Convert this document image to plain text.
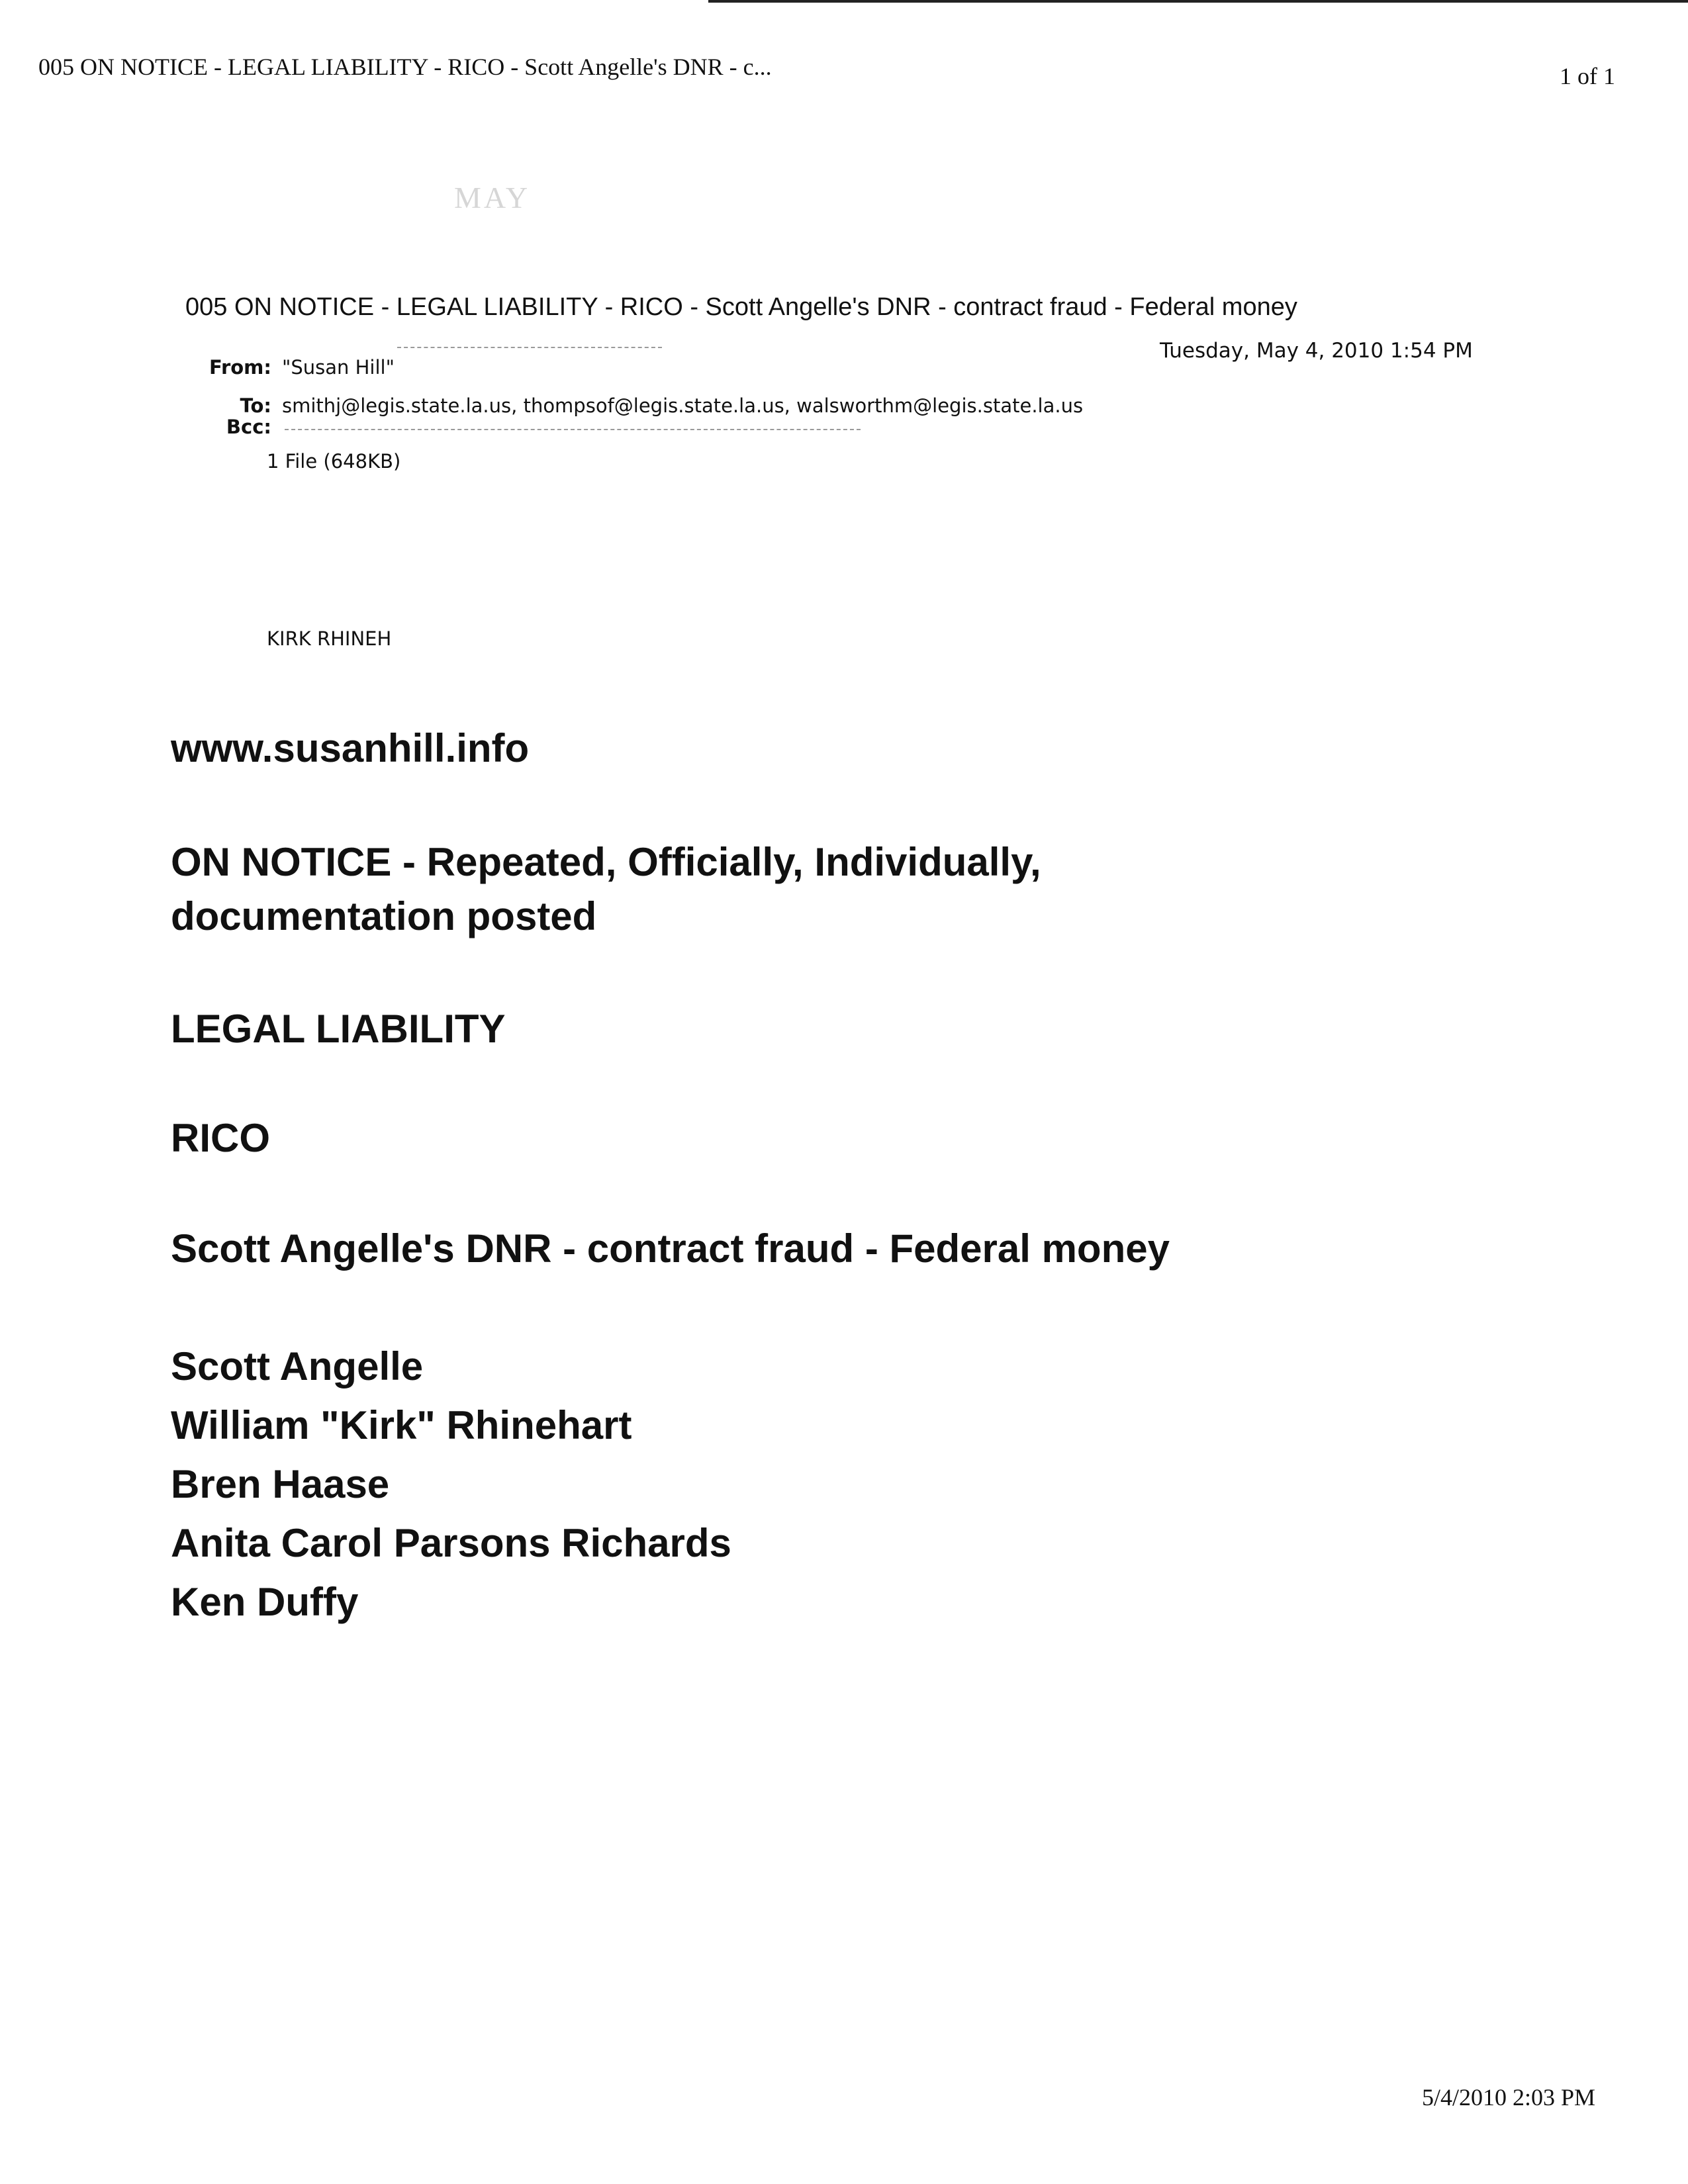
005 ON NOTICE - LEGAL LIABILITY - RICO - Scott Angelle's DNR - c...	1 of 1
MAY
005 ON NOTICE - LEGAL LIABILITY - RICO - Scott Angelle's DNR - contract fraud - Federal money
Tuesday, May 4, 2010 1:54 PM
From: "Susan Hill"
To: smithj@legis.state.la.us, thompsof@legis.state.la.us, walsworthm@legis.state.la.us
Bcc:
1 File (648KB)
KIRK RHINEH
www.susanhill.info
ON NOTICE - Repeated, Officially, Individually, documentation posted
LEGAL LIABILITY
RICO
Scott Angelle's DNR - contract fraud - Federal money
Scott Angelle
William "Kirk" Rhinehart
Bren Haase
Anita Carol Parsons Richards
Ken Duffy
5/4/2010 2:03 PM
